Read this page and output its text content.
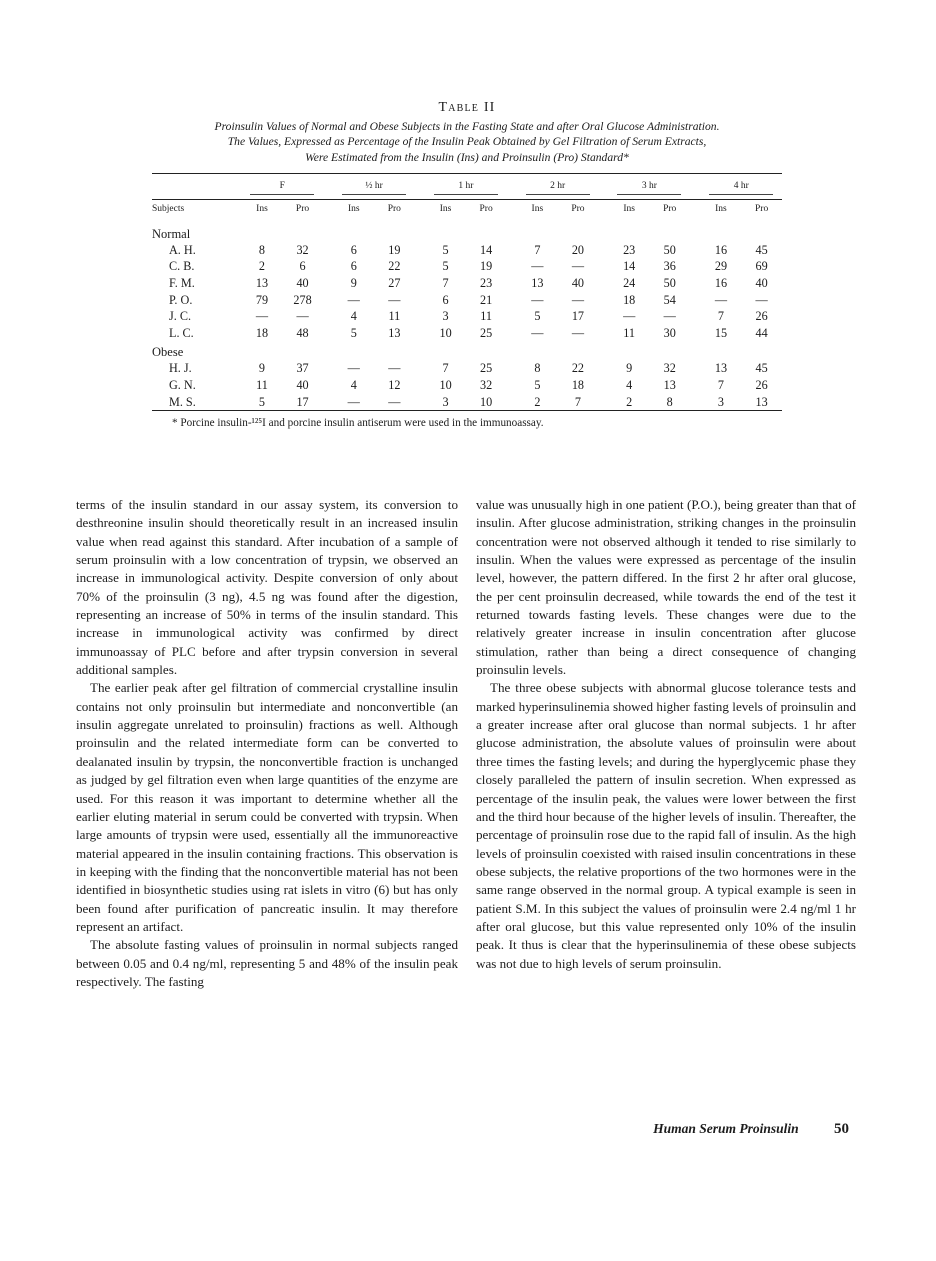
Table II
Proinsulin Values of Normal and Obese Subjects in the Fasting State and after Oral Glucose Administration.
The Values, Expressed as Percentage of the Insulin Peak Obtained by Gel Filtration of Serum Extracts,
Were Estimated from the Insulin (Ins) and Proinsulin (Pro) Standard*
		F			½ hr			1 hr			2 hr			3 hr			4 hr	
Subjects		Ins	Pro		Ins	Pro		Ins	Pro		Ins	Pro		Ins	Pro		Ins	Pro
Normal																		
A. H.		8	32		6	19		5	14		7	20		23	50		16	45
C. B.		2	6		6	22		5	19		—	—		14	36		29	69
F. M.		13	40		9	27		7	23		13	40		24	50		16	40
P. O.		79	278		—	—		6	21		—	—		18	54		—	—
J. C.		—	—		4	11		3	11		5	17		—	—		7	26
L. C.		18	48		5	13		10	25		—	—		11	30		15	44
Obese																		
H. J.		9	37		—	—		7	25		8	22		9	32		13	45
G. N.		11	40		4	12		10	32		5	18		4	13		7	26
M. S.		5	17		—	—		3	10		2	7		2	8		3	13
* Porcine insulin-¹²⁵I and porcine insulin antiserum were used in the immunoassay.

terms of the insulin standard in our assay system, its conversion to desthreonine insulin should theoretically result in an increased insulin value when read against this standard. After incubation of a sample of serum proinsulin with a low concentration of trypsin, we observed an increase in immunological activity. Despite conversion of only about 70% of the proinsulin (3 ng), 4.5 ng was found after the digestion, representing an increase of 50% in terms of the insulin standard. This increase in immunological activity was confirmed by direct immunoassay of PLC before and after trypsin conversion in several additional samples.

The earlier peak after gel filtration of commercial crystalline insulin contains not only proinsulin but intermediate and nonconvertible (an insulin aggregate unrelated to proinsulin) fractions as well. Although proinsulin and the related intermediate form can be converted to dealanated insulin by trypsin, the nonconvertible fraction is unchanged as judged by gel filtration even when large quantities of the enzyme are used. For this reason it was important to determine whether all the earlier eluting material in serum could be converted with trypsin. When large amounts of trypsin were used, essentially all the immunoreactive material appeared in the insulin containing fractions. This observation is in keeping with the finding that the nonconvertible material has not been identified in biosynthetic studies using rat islets in vitro (6) but has only been found after purification of pancreatic insulin. It may therefore represent an artifact.

The absolute fasting values of proinsulin in normal subjects ranged between 0.05 and 0.4 ng/ml, representing 5 and 48% of the insulin peak respectively. The fasting

value was unusually high in one patient (P.O.), being greater than that of insulin. After glucose administration, striking changes in the proinsulin concentration were not observed although it tended to rise similarly to insulin. When the values were expressed as percentage of the insulin level, however, the pattern differed. In the first 2 hr after oral glucose, the per cent proinsulin decreased, while towards the end of the test it returned towards fasting levels. These changes were due to the relatively greater increase in insulin concentration after glucose stimulation, rather than being a direct consequence of changing proinsulin levels.

The three obese subjects with abnormal glucose tolerance tests and marked hyperinsulinemia showed higher fasting levels of proinsulin and a greater increase after oral glucose than normal subjects. 1 hr after glucose administration, the absolute values of proinsulin were about three times the fasting levels; and during the hyperglycemic phase they closely paralleled the pattern of insulin secretion. When expressed as percentage of the insulin peak, the values were lower between the first and the third hour because of the higher levels of insulin. Thereafter, the percentage of proinsulin rose due to the rapid fall of insulin. As the high levels of proinsulin coexisted with raised insulin concentrations in these obese subjects, the relative proportions of the two hormones were in the same range observed in the normal group. A typical example is seen in patient S.M. In this subject the values of proinsulin were 2.4 ng/ml 1 hr after oral glucose, but this value represented only 10% of the insulin peak. It thus is clear that the hyperinsulinemia of these obese subjects was not due to high levels of serum proinsulin.

Human Serum Proinsulin 50
